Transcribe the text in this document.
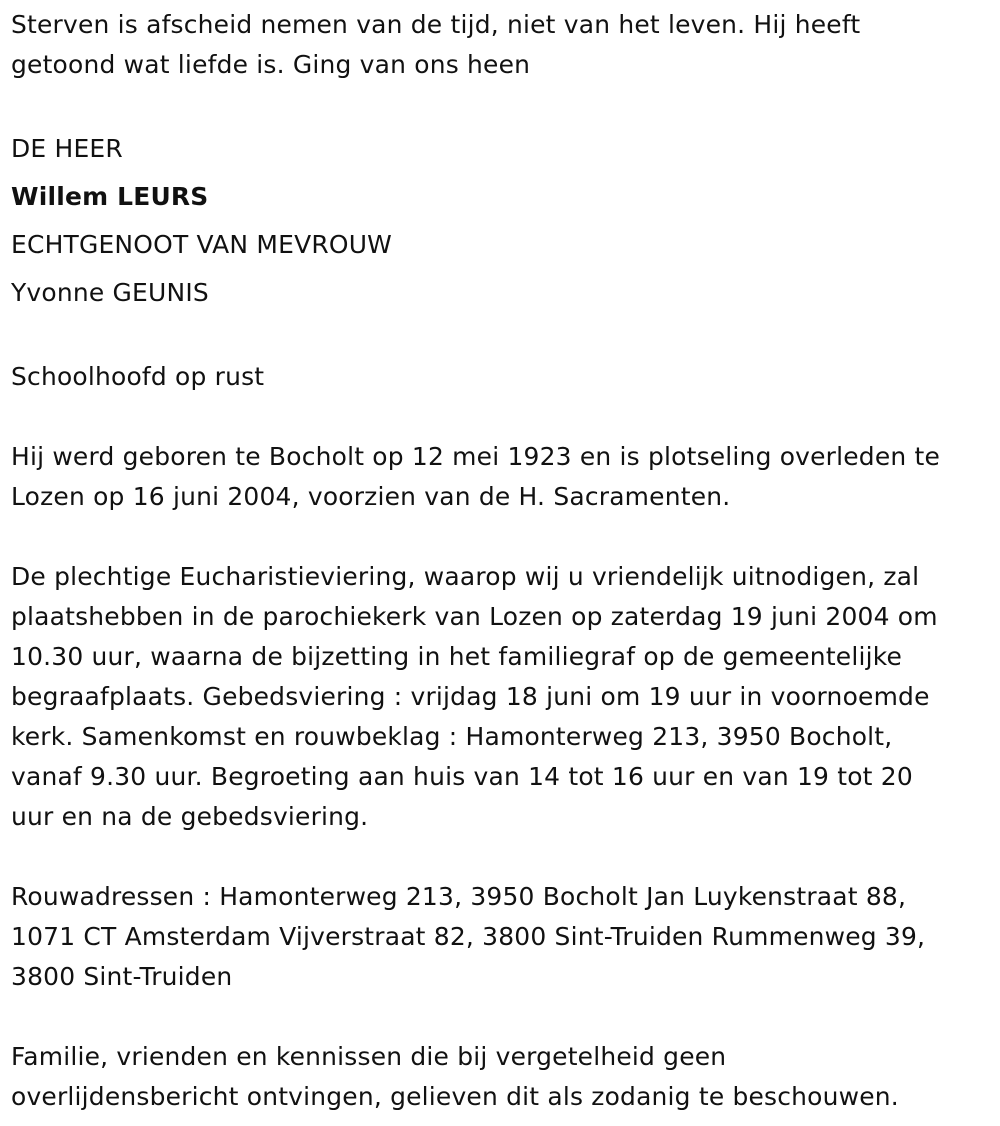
Sterven is afscheid nemen van de tijd, niet van het leven. Hij heeft
getoond wat liefde is. Ging van ons heen
DE HEER
Willem LEURS
ECHTGENOOT VAN MEVROUW
Yvonne GEUNIS
Schoolhoofd op rust
Hij werd geboren te Bocholt op 12 mei 1923 en is plotseling overleden te
Lozen op 16 juni 2004, voorzien van de H. Sacramenten.
De plechtige Eucharistieviering, waarop wij u vriendelijk uitnodigen, zal
plaatshebben in de parochiekerk van Lozen op zaterdag 19 juni 2004 om
10.30 uur, waarna de bijzetting in het familiegraf op de gemeentelijke
begraafplaats. Gebedsviering : vrijdag 18 juni om 19 uur in voornoemde
kerk. Samenkomst en rouwbeklag : Hamonterweg 213, 3950 Bocholt,
vanaf 9.30 uur. Begroeting aan huis van 14 tot 16 uur en van 19 tot 20
uur en na de gebedsviering.
Rouwadressen : Hamonterweg 213, 3950 Bocholt Jan Luykenstraat 88,
1071 CT Amsterdam Vijverstraat 82, 3800 Sint-Truiden Rummenweg 39,
3800 Sint-Truiden
Familie, vrienden en kennissen die bij vergetelheid geen
overlijdensbericht ontvingen, gelieven dit als zodanig te beschouwen.
